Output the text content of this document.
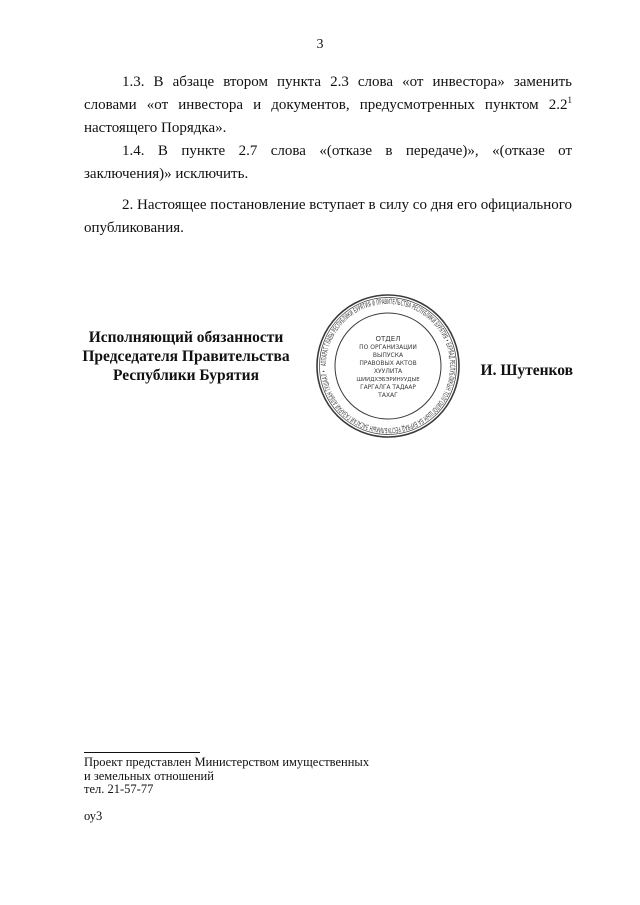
3

1.3. В абзаце втором пункта 2.3 слова «от инвестора» заменить словами «от инвестора и документов, предусмотренных пунктом $2.2^1$ настоящего Порядка».

1.4. В пункте 2.7 слова «(отказе в передаче)», «(отказе от заключения)» исключить.

2. Настоящее постановление вступает в силу со дня его официального опубликования.

Исполняющий обязанности
Председателя Правительства
Республики Бурятия
АППАРАТ ГЛАВЫ РЕСПУБЛИКИ БУРЯТИЯ И ПРАВИТЕЛЬСТВА РЕСПУБЛИКИ БУРЯТИЯ • БУРЯАД РЕСПУБЛИКЫН ТОЛГОЙЛОГШЫН БА БУРЯАД РЕСПУБЛИКЫН ЗАСАГАЙ ГАЗАРАЙ АЛБАН ТУШААЛ •
ОТДЕЛ
ПО ОРГАНИЗАЦИИ
ВЫПУСКА
ПРАВОВЫХ АКТОВ
ХУУЛИТА
ШИИДХЭБЭРИНУУДЫЕ
ГАРГАЛГА ТАДААР
ТАХАГ
И. Шутенков
Проект представлен Министерством имущественных
и земельных отношений
тел. 21-57-77
оу3
